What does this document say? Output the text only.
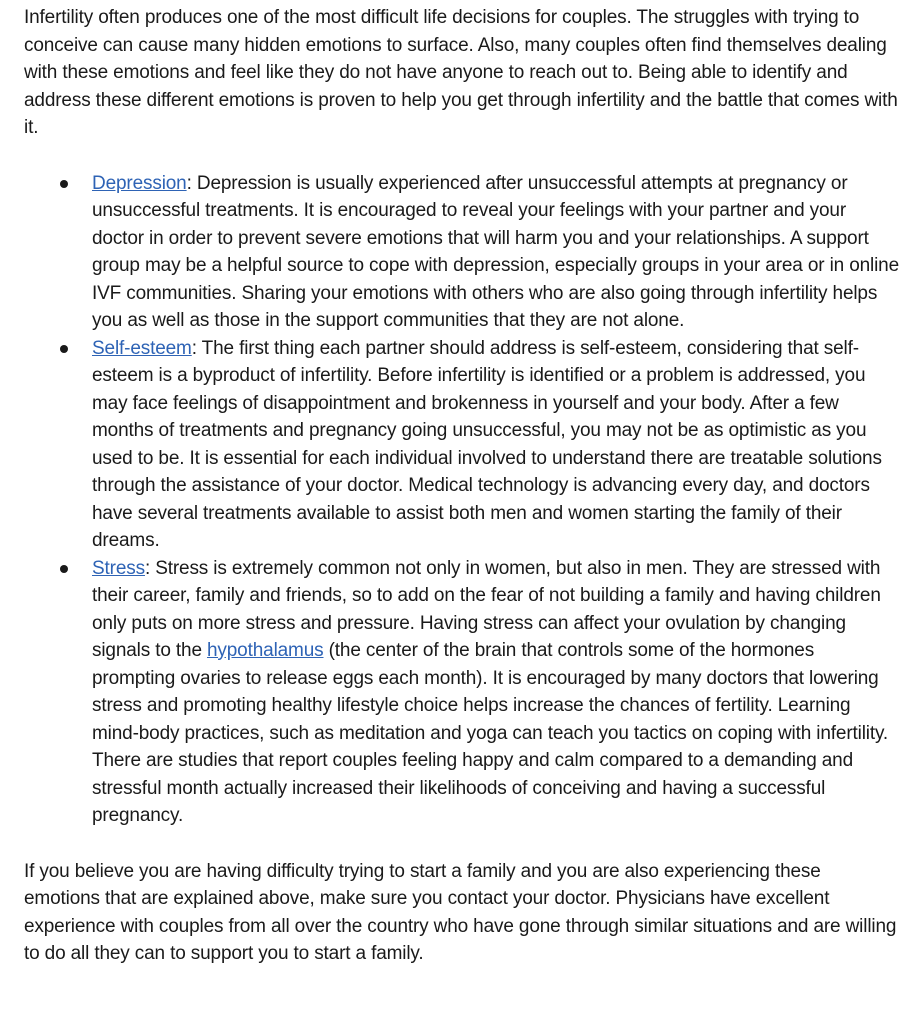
Infertility often produces one of the most difficult life decisions for couples. The struggles with trying to conceive can cause many hidden emotions to surface. Also, many couples often find themselves dealing with these emotions and feel like they do not have anyone to reach out to. Being able to identify and address these different emotions is proven to help you get through infertility and the battle that comes with it.

Depression: Depression is usually experienced after unsuccessful attempts at pregnancy or unsuccessful treatments. It is encouraged to reveal your feelings with your partner and your doctor in order to prevent severe emotions that will harm you and your relationships. A support group may be a helpful source to cope with depression, especially groups in your area or in online IVF communities. Sharing your emotions with others who are also going through infertility helps you as well as those in the support communities that they are not alone.
Self-esteem: The first thing each partner should address is self-esteem, considering that self-esteem is a byproduct of infertility. Before infertility is identified or a problem is addressed, you may face feelings of disappointment and brokenness in yourself and your body. After a few months of treatments and pregnancy going unsuccessful, you may not be as optimistic as you used to be. It is essential for each individual involved to understand there are treatable solutions through the assistance of your doctor. Medical technology is advancing every day, and doctors have several treatments available to assist both men and women starting the family of their dreams.
Stress: Stress is extremely common not only in women, but also in men. They are stressed with their career, family and friends, so to add on the fear of not building a family and having children only puts on more stress and pressure. Having stress can affect your ovulation by changing signals to the hypothalamus (the center of the brain that controls some of the hormones prompting ovaries to release eggs each month). It is encouraged by many doctors that lowering stress and promoting healthy lifestyle choice helps increase the chances of fertility. Learning mind-body practices, such as meditation and yoga can teach you tactics on coping with infertility. There are studies that report couples feeling happy and calm compared to a demanding and stressful month actually increased their likelihoods of conceiving and having a successful pregnancy.

If you believe you are having difficulty trying to start a family and you are also experiencing these emotions that are explained above, make sure you contact your doctor. Physicians have excellent experience with couples from all over the country who have gone through similar situations and are willing to do all they can to support you to start a family.
